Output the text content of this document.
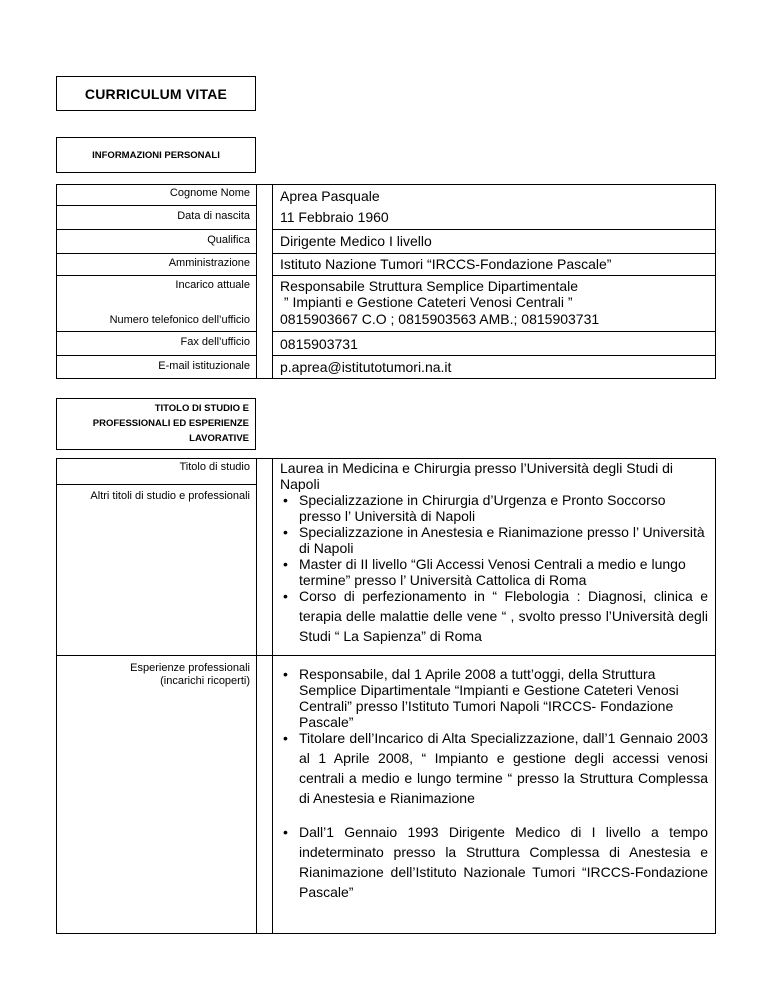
CURRICULUM VITAE
INFORMAZIONI PERSONALI
Cognome Nome
Data di nascita
Qualifica
Amministrazione
Incarico attuale
Numero telefonico dell’ufficio
Fax dell’ufficio
E-mail istituzionale
Aprea Pasquale
11 Febbraio 1960
Dirigente Medico I livello
Istituto Nazione Tumori “IRCCS-Fondazione Pascale”
Responsabile Struttura Semplice Dipartimentale
” Impianti e Gestione Cateteri Venosi Centrali ”
0815903667 C.O ; 0815903563 AMB.; 0815903731
0815903731
p.aprea@istitutotumori.na.it
TITOLO DI STUDIO E
PROFESSIONALI ED ESPERIENZE
LAVORATIVE
Titolo di studio Laurea in Medicina e Chirurgia presso l’Università degli Studi di Napoli
Altri titoli di studio e professionali	• Specializzazione in Chirurgia d’Urgenza e Pronto Soccorso presso l’ Università di Napoli
• Specializzazione in Anestesia e Rianimazione presso l’ Università di Napoli
• Master di II livello “Gli Accessi Venosi Centrali a medio e lungo termine” presso l’ Università Cattolica di Roma
• Corso di perfezionamento in “ Flebologia : Diagnosi, clinica e terapia delle malattie delle vene “ , svolto presso l’Università degli Studi “ La Sapienza” di Roma
Esperienze professionali
(incarichi ricoperti)	• Responsabile, dal 1 Aprile 2008 a tutt’oggi, della Struttura Semplice Dipartimentale “Impianti e Gestione Cateteri Venosi Centrali” presso l’Istituto Tumori Napoli “IRCCS- Fondazione Pascale”
• Titolare dell’Incarico di Alta Specializzazione, dall’1 Gennaio 2003 al 1 Aprile 2008, “ Impianto e gestione degli accessi venosi centrali a medio e lungo termine “ presso la Struttura Complessa di Anestesia e Rianimazione
• Dall’1 Gennaio 1993 Dirigente Medico di I livello a tempo indeterminato presso la Struttura Complessa di Anestesia e Rianimazione dell’Istituto Nazionale Tumori “IRCCS-Fondazione Pascale”
